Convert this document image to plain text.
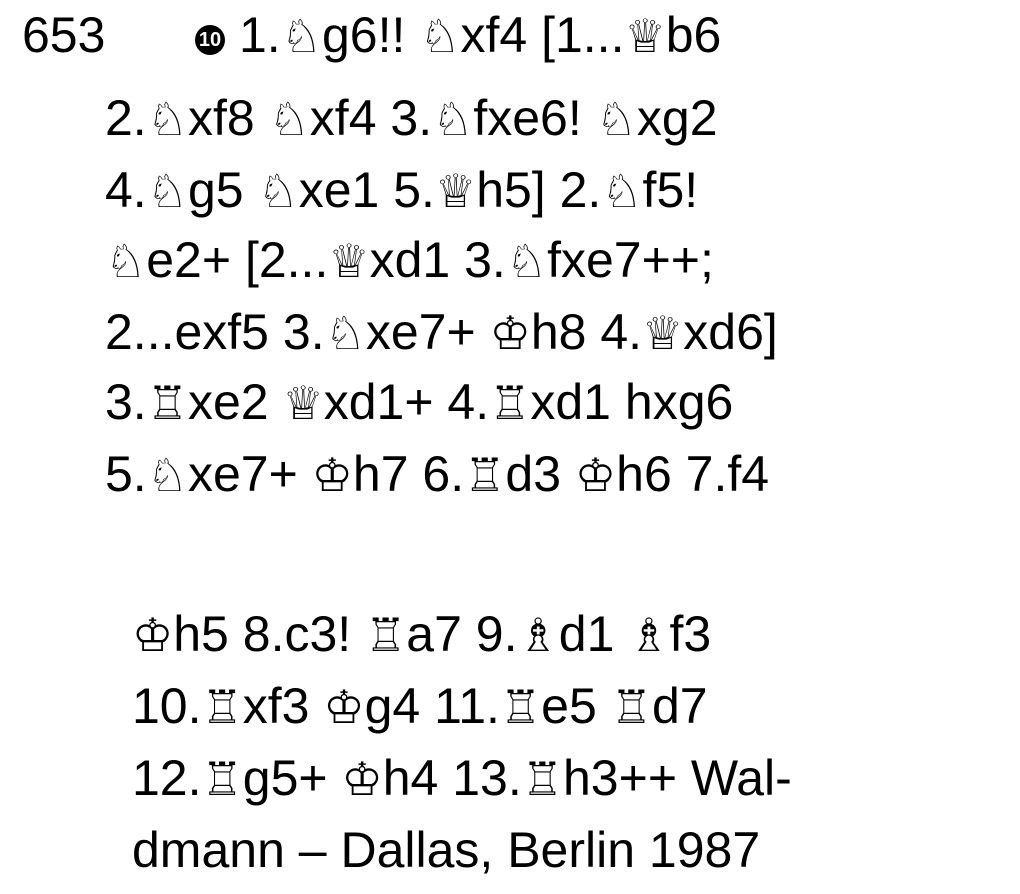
653	10 1.♘g6!! ♘xf4 [1...♕b6
2.♘xf8 ♘xf4 3.♘fxe6! ♘xg2
4.♘g5 ♘xe1 5.♕h5] 2.♘f5!
♘e2+ [2...♕xd1 3.♘fxe7++;
2...exf5 3.♘xe7+ ♔h8 4.♕xd6]
3.♖xe2 ♕xd1+ 4.♖xd1 hxg6
5.♘xe7+ ♔h7 6.♖d3 ♔h6 7.f4
♔h5 8.c3! ♖a7 9.♗d1 ♗f3
10.♖xf3 ♔g4 11.♖e5 ♖d7
12.♖g5+ ♔h4 13.♖h3++ Wal-
dmann – Dallas, Berlin 1987
